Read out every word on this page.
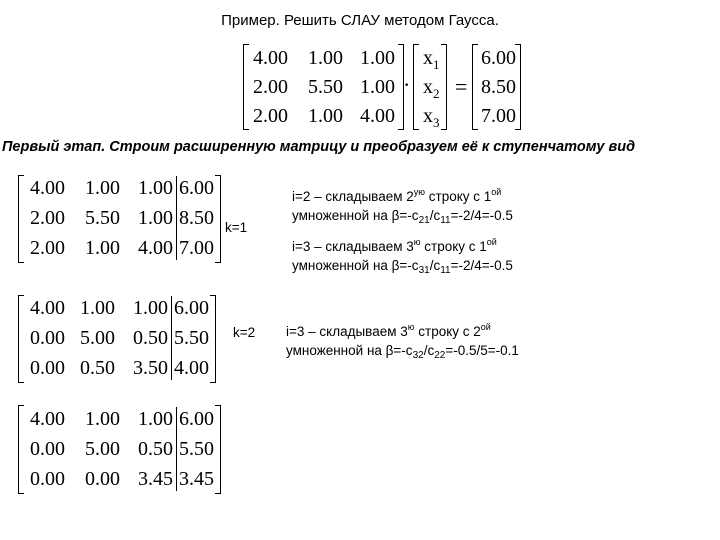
Пример. Решить СЛАУ методом Гаусса.
4.00 1.00 1.00
2.00 5.50 1.00
2.00 1.00 4.00
·
$x_1$
$x_2$
$x_3$
=
6.00
8.50
7.00
Первый этап. Строим расширенную матрицу и преобразуем её к ступенчатому вид
4.00 1.00 1.00 6.00
2.00 5.50 1.00 8.50
2.00 1.00 4.00 7.00
k=1
4.00 1.00 1.00 6.00
0.00 5.00 0.50 5.50
0.00 0.50 3.50 4.00
k=2
4.00 1.00 1.00 6.00
0.00 5.00 0.50 5.50
0.00 0.00 3.45 3.45
i=2 – складываем $2^{ую}$ строку с $1^{ой}$
умноженной на $\beta=-c_{21}/c_{11}=-2/4=-0.5$
i=3 – складываем $3^ю$ строку с $1^{ой}$
умноженной на $\beta=-c_{31}/c_{11}=-2/4=-0.5$
i=3 – складываем $3^ю$ строку с $2^{ой}$
умноженной на $\beta=-c_{32}/c_{22}=-0.5/5=-0.1$
